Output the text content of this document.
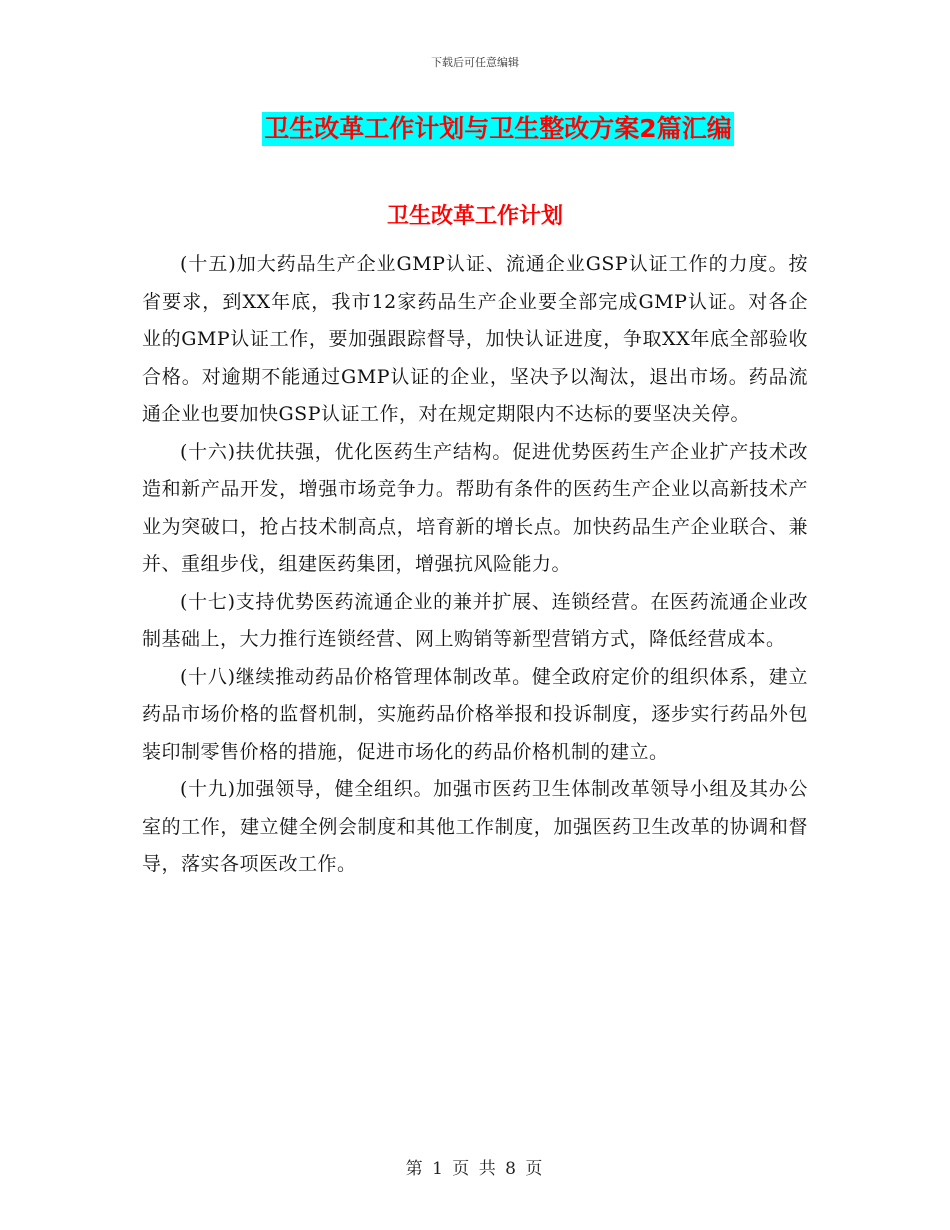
下载后可任意编辑
卫生改革工作计划与卫生整改方案2篇汇编
卫生改革工作计划

(十五)加大药品生产企业GMP认证、流通企业GSP认证工作的力度。按省要求，到XX年底，我市12家药品生产企业要全部完成GMP认证。对各企业的GMP认证工作，要加强跟踪督导，加快认证进度，争取XX年底全部验收合格。对逾期不能通过GMP认证的企业，坚决予以淘汰，退出市场。药品流通企业也要加快GSP认证工作，对在规定期限内不达标的要坚决关停。

(十六)扶优扶强，优化医药生产结构。促进优势医药生产企业扩产技术改造和新产品开发，增强市场竞争力。帮助有条件的医药生产企业以高新技术产业为突破口，抢占技术制高点，培育新的增长点。加快药品生产企业联合、兼并、重组步伐，组建医药集团，增强抗风险能力。

(十七)支持优势医药流通企业的兼并扩展、连锁经营。在医药流通企业改制基础上，大力推行连锁经营、网上购销等新型营销方式，降低经营成本。

(十八)继续推动药品价格管理体制改革。健全政府定价的组织体系，建立药品市场价格的监督机制，实施药品价格举报和投诉制度，逐步实行药品外包装印制零售价格的措施，促进市场化的药品价格机制的建立。

(十九)加强领导，健全组织。加强市医药卫生体制改革领导小组及其办公室的工作，建立健全例会制度和其他工作制度，加强医药卫生改革的协调和督导，落实各项医改工作。

第 1 页 共 8 页
